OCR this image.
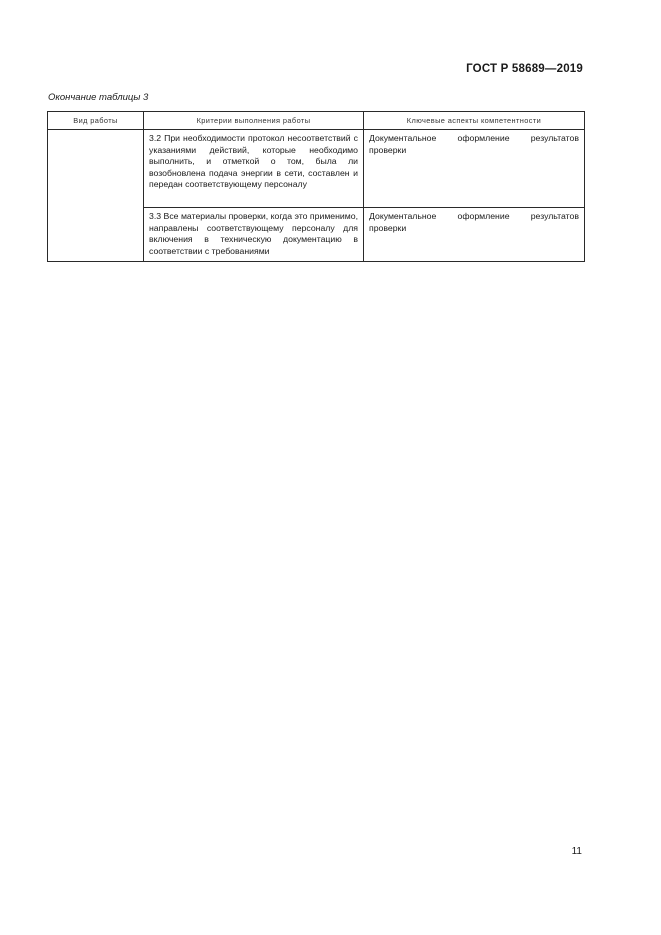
ГОСТ Р 58689—2019
Окончание таблицы 3
Вид работы	Критерии выполнения работы	Ключевые аспекты компетентности

	3.2 При необходимости протокол несоответствий с указаниями действий, которые необходимо выполнить, и отметкой о том, была ли возобновлена подача энергии в сети, составлен и передан соответствующему персоналу	Документальное оформление результатов проверки

	3.3 Все материалы проверки, когда это применимо, направлены соответствующему персоналу для включения в техническую документацию в соответствии с требованиями	Документальное оформление результатов проверки
11
